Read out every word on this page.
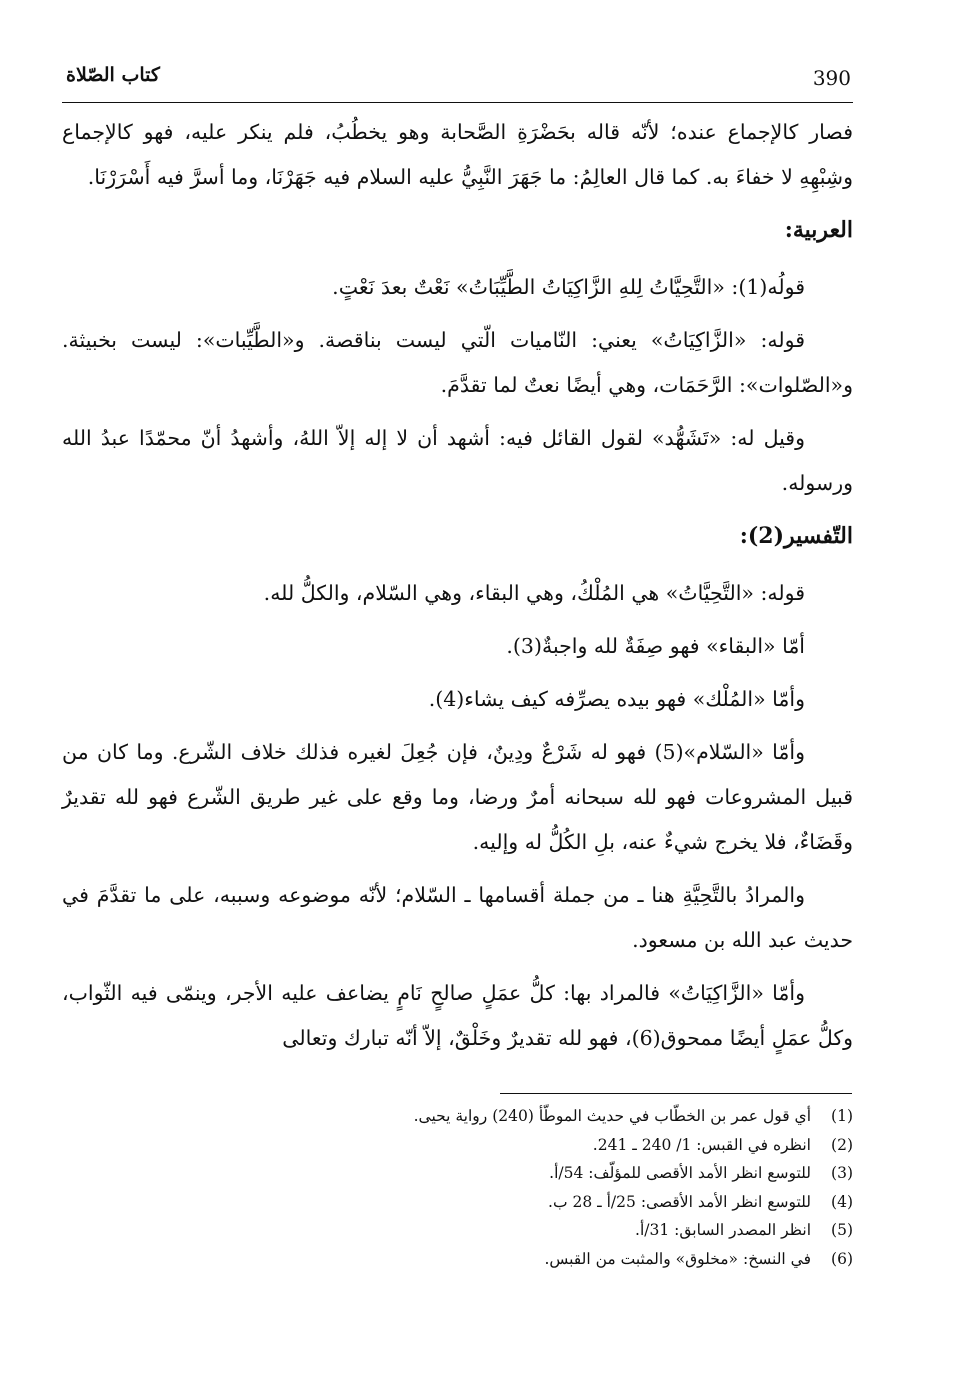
390
كتاب الصّلاة

فصار كالإجماع عنده؛ لأنّه قاله بحَضْرَةِ الصَّحابة وهو يخطُبُ، فلم ينكر عليه، فهو كالإجماع وشِبْهِهِ لا خفاءَ به. كما قال العالِمُ: ما جَهَرَ النَّبِيُّ عليه السلام فيه جَهَرْنَا، وما أسرَّ فيه أَسْرَرْنَا.

العربية:

قولُه(1): «التَّحِيَّاتُ لِلهِ الزَّاكِيَاتُ الطَّيِّبَاتُ» نَعْتٌ بعدَ نَعْتٍ.

قوله: «الزَّاكِيَاتُ» يعني: النّاميات الّتي ليست بناقصة. و«الطَّيِّبات»: ليست بخبيثة. و«الصّلوات»: الرَّحَمَات، وهي أيضًا نعتٌ لما تقدَّمَ.

وقيل له: «تَشَهُّد» لقول القائل فيه: أشهد أن لا إله إلاّ اللهُ، وأشهدُ أنّ محمّدًا عبدُ الله ورسوله.

التّفسير(2):

قوله: «التَّحِيَّاتُ» هي المُلْكُ، وهي البقاء، وهي السّلام، والكلُّ لله.

أمّا «البقاء» فهو صِفَةٌ لله واجبةٌ(3).

وأمّا «المُلْك» فهو بيده يصرِّفه كيف يشاء(4).

وأمّا «السّلام»(5) فهو له شَرْعٌ ودِينٌ، فإن جُعِلَ لغيره فذلك خلاف الشّرع. وما كان من قبيل المشروعات فهو لله سبحانه أمرٌ ورضا، وما وقع على غير طريق الشّرع فهو لله تقديرٌ وقَضَاءٌ، فلا يخرج شيءٌ عنه، بلِ الكُلُّ له وإليه.

والمرادُ بالتَّحِيَّةِ هنا ـ من جملة أقسامها ـ السّلام؛ لأنّه موضوعه وسببه، على ما تقدَّمَ في حديث عبد الله بن مسعود.

وأمّا «الزَّاكِيَاتُ» فالمراد بها: كلُّ عمَلٍ صالحٍ نَامٍ يضاعف عليه الأجر، وينمّى فيه الثّواب، وكلُّ عمَلٍ أيضًا ممحوق(6)، فهو لله تقديرٌ وخَلْقٌ، إلاّ أنّه تبارك وتعالى

(1)
أي قول عمر بن الخطّاب في حديث الموطّأ (240) رواية يحيى.
(2)
انظره في القبس: 1/ 240 ـ 241.
(3)
للتوسع انظر الأمد الأقصى للمؤلّف: 54/أ.
(4)
للتوسع انظر الأمد الأقصى: 25/أ ـ 28 ب.
(5)
انظر المصدر السابق: 31/أ.
(6)
في النسخ: «مخلوق» والمثبت من القبس.
